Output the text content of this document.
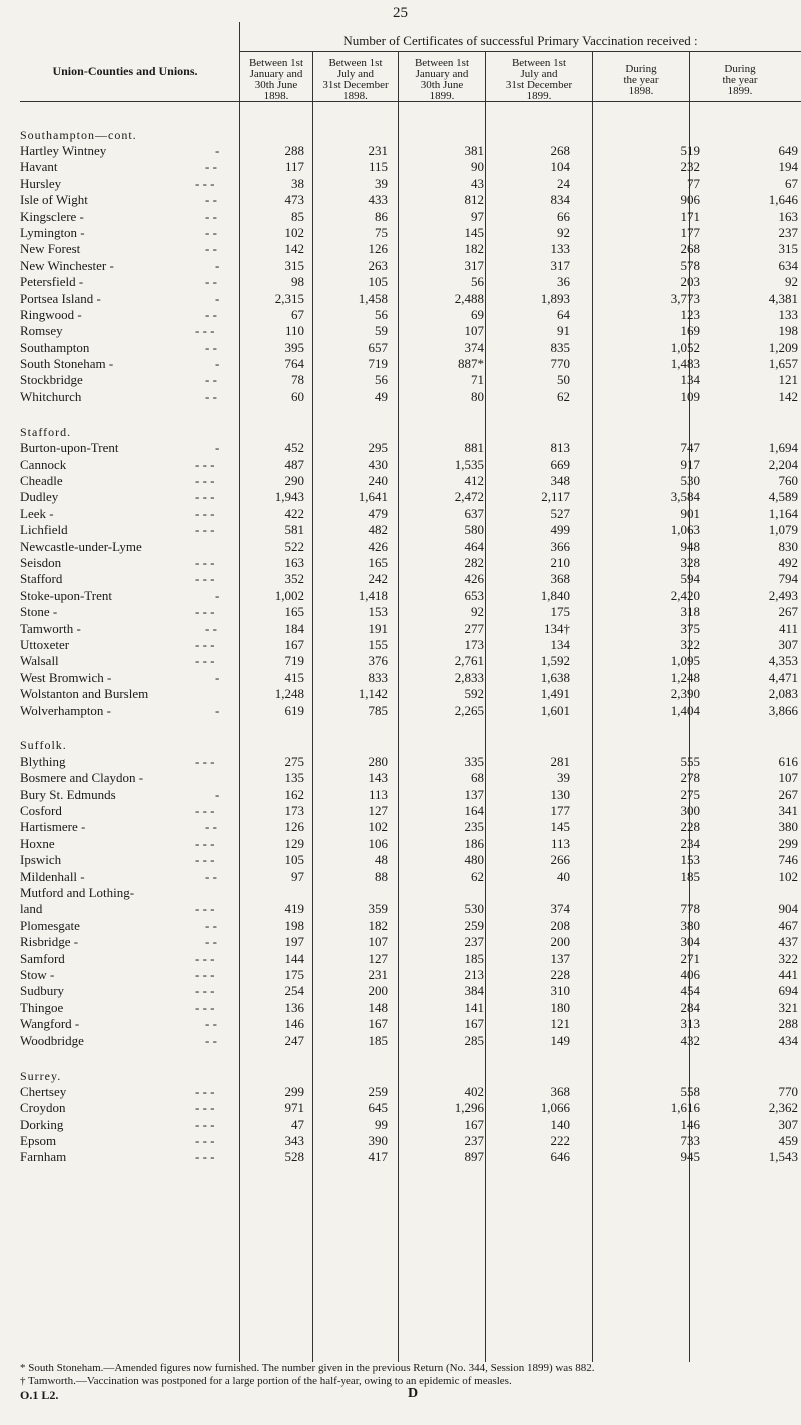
25
Number of Certificates of successful Primary Vaccination received :
Union-Counties and Unions.
Between 1st
January and
30th June
1898.
Between 1st
July and
31st December
1898.
Between 1st
January and
30th June
1899.
Between 1st
July and
31st December
1899.
During
the year
1898.
During
the year
1899.
Southampton—cont.
Hartley Wintney	-	288	231	381	268	519	649
Havant	- -	117	115	90	104	232	194
Hursley	- - -	38	39	43	24	77	67
Isle of Wight	- -	473	433	812	834	906	1,646
Kingsclere -	- -	85	86	97	66	171	163
Lymington -	- -	102	75	145	92	177	237
New Forest	- -	142	126	182	133	268	315
New Winchester -	-	315	263	317	317	578	634
Petersfield -	- -	98	105	56	36	203	92
Portsea Island -	-	2,315	1,458	2,488	1,893	3,773	4,381
Ringwood -	- -	67	56	69	64	123	133
Romsey	- - -	110	59	107	91	169	198
Southampton	- -	395	657	374	835	1,052	1,209
South Stoneham -	-	764	719	887*	770	1,483	1,657
Stockbridge	- -	78	56	71	50	134	121
Whitchurch	- -	60	49	80	62	109	142
Stafford.
Burton-upon-Trent	-	452	295	881	813	747	1,694
Cannock	- - -	487	430	1,535	669	917	2,204
Cheadle	- - -	290	240	412	348	530	760
Dudley	- - -	1,943	1,641	2,472	2,117	3,584	4,589
Leek -	- - -	422	479	637	527	901	1,164
Lichfield	- - -	581	482	580	499	1,063	1,079
Newcastle-under-Lyme	522	426	464	366	948	830
Seisdon	- - -	163	165	282	210	328	492
Stafford	- - -	352	242	426	368	594	794
Stoke-upon-Trent	-	1,002	1,418	653	1,840	2,420	2,493
Stone -	- - -	165	153	92	175	318	267
Tamworth -	- -	184	191	277	134†	375	411
Uttoxeter	- - -	167	155	173	134	322	307
Walsall	- - -	719	376	2,761	1,592	1,095	4,353
West Bromwich -	-	415	833	2,833	1,638	1,248	4,471
Wolstanton and Burslem	1,248	1,142	592	1,491	2,390	2,083
Wolverhampton -	-	619	785	2,265	1,601	1,404	3,866
Suffolk.
Blything	- - -	275	280	335	281	555	616
Bosmere and Claydon -	135	143	68	39	278	107
Bury St. Edmunds	-	162	113	137	130	275	267
Cosford	- - -	173	127	164	177	300	341
Hartismere -	- -	126	102	235	145	228	380
Hoxne	- - -	129	106	186	113	234	299
Ipswich	- - -	105	48	480	266	153	746
Mildenhall -	- -	97	88	62	40	185	102
Mutford and Lothing-
land	- - -	419	359	530	374	778	904
Plomesgate	- -	198	182	259	208	380	467
Risbridge -	- -	197	107	237	200	304	437
Samford	- - -	144	127	185	137	271	322
Stow -	- - -	175	231	213	228	406	441
Sudbury	- - -	254	200	384	310	454	694
Thingoe	- - -	136	148	141	180	284	321
Wangford -	- -	146	167	167	121	313	288
Woodbridge	- -	247	185	285	149	432	434
Surrey.
Chertsey	- - -	299	259	402	368	558	770
Croydon	- - -	971	645	1,296	1,066	1,616	2,362
Dorking	- - -	47	99	167	140	146	307
Epsom	- - -	343	390	237	222	733	459
Farnham	- - -	528	417	897	646	945	1,543

* South Stoneham.—Amended figures now furnished. The number given in the previous Return (No. 344, Session 1899) was 882.

† Tamworth.—Vaccination was postponed for a large portion of the half-year, owing to an epidemic of measles.

O.1 L2.	D
